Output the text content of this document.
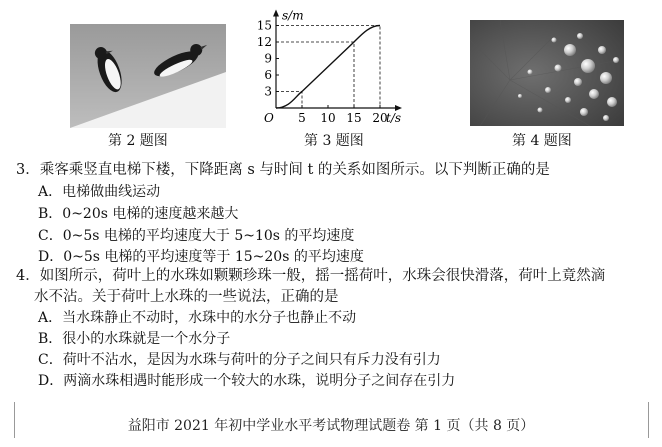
第 2 题图
s/m
t/s
O 5 10 15 20
3
6
9
12
15
第 3 题图	第 4 题图
3．乘客乘竖直电梯下楼，下降距离 s 与时间 t 的关系如图所示。以下判断正确的是
A．电梯做曲线运动
B．0~20s 电梯的速度越来越大
C．0~5s 电梯的平均速度大于 5~10s 的平均速度
D．0~5s 电梯的平均速度等于 15~20s 的平均速度
4．如图所示，荷叶上的水珠如颗颗珍珠一般，摇一摇荷叶，水珠会很快滑落，荷叶上竟然滴
水不沾。关于荷叶上水珠的一些说法，正确的是
A．当水珠静止不动时，水珠中的水分子也静止不动
B．很小的水珠就是一个水分子
C．荷叶不沾水，是因为水珠与荷叶的分子之间只有斥力没有引力
D．两滴水珠相遇时能形成一个较大的水珠，说明分子之间存在引力
益阳市 2021 年初中学业水平考试物理试题卷 第 1 页（共 8 页）
